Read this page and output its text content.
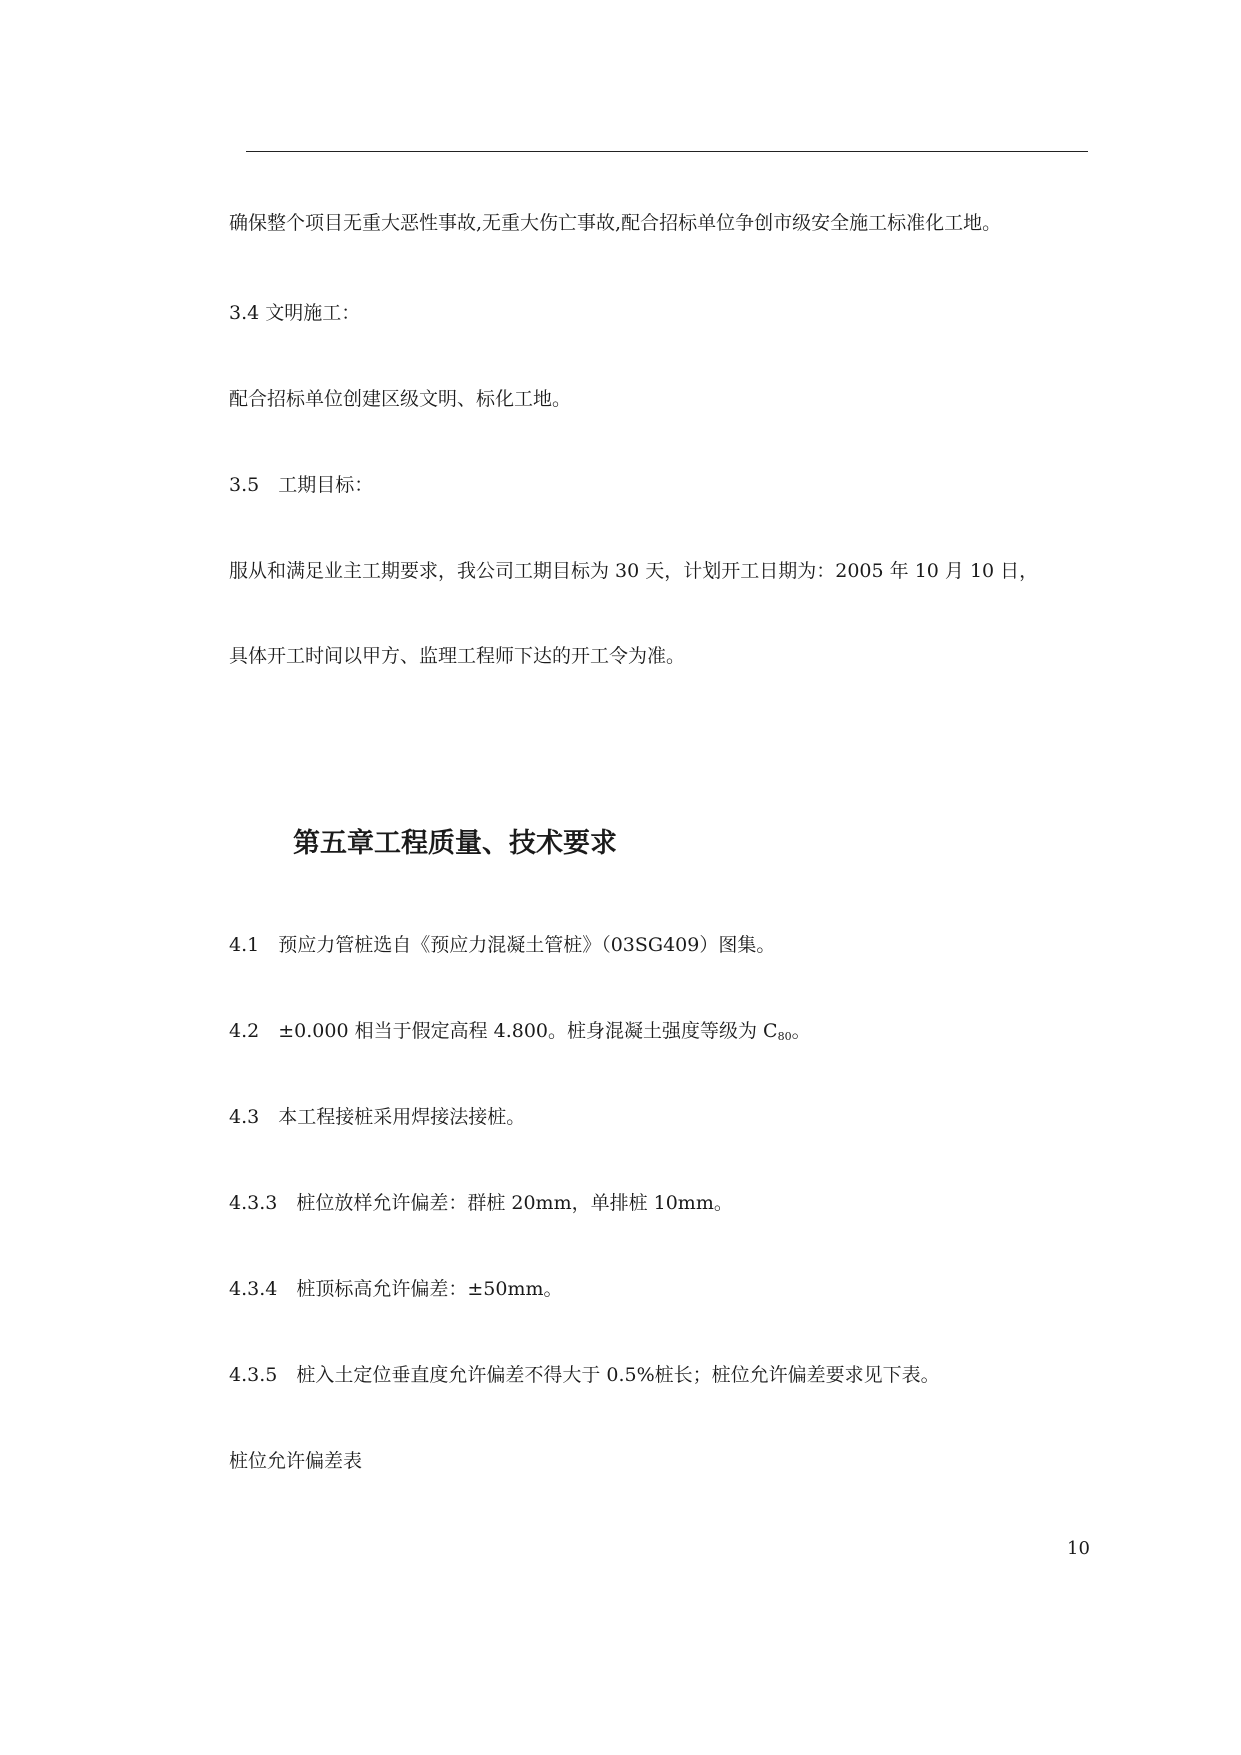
确保整个项目无重大恶性事故,无重大伤亡事故,配合招标单位争创市级安全施工标准化工地。
3.4 文明施工：
配合招标单位创建区级文明、标化工地。
3.5　工期目标：
服从和满足业主工期要求，我公司工期目标为 30 天，计划开工日期为：2005 年 10 月 10 日，
具体开工时间以甲方、监理工程师下达的开工令为准。
第五章工程质量、技术要求
4.1　预应力管桩选自《预应力混凝土管桩》（03SG409）图集。
4.2　±0.000 相当于假定高程 4.800。桩身混凝土强度等级为 $C_{80}$。
4.3　本工程接桩采用焊接法接桩。
4.3.3　桩位放样允许偏差：群桩 20mm，单排桩 10mm。
4.3.4　桩顶标高允许偏差：±50mm。
4.3.5　桩入土定位垂直度允许偏差不得大于 0.5%桩长；桩位允许偏差要求见下表。
桩位允许偏差表
10
